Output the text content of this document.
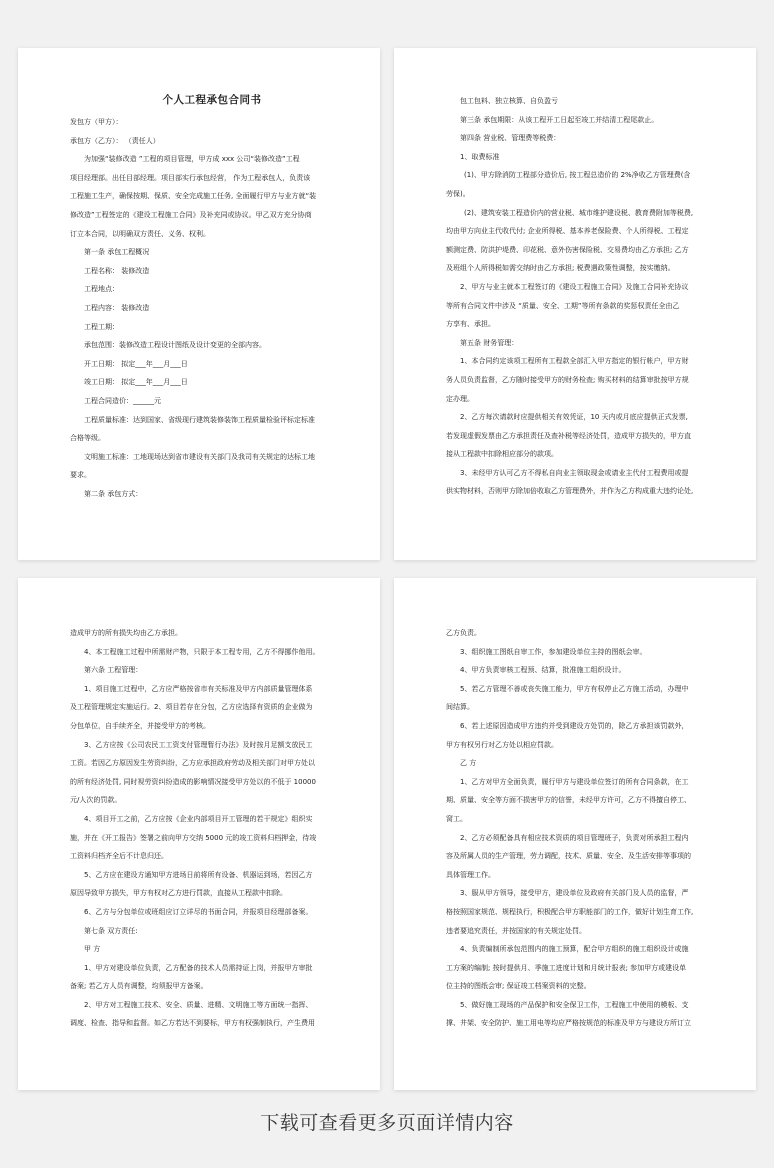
个人工程承包合同书
发包方（甲方）：
承包方（乙方）： （责任人）
为加强“装修改造 ”工程的项目管理，甲方成 xxx 公司“装修改造”工程
项目经理部。出任目部经理。项目部实行承包经营， 作为工程承包人，负责该
工程施工生产，确保按期、保质、安全完成施工任务, 全面履行甲方与业方就“装
修改造”工程签定的《建设工程施工合同》及补充同或协议。甲乙双方充分协商
订立本合同，以明确双方责任、义务、权利。
第一条 承包工程概况
工程名称： 装修改造
工程地点：
工程内容： 装修改造
工程工期：
承包范围：装修改造工程设计图纸及设计变更的全部内容。
开工日期： 拟定___年___月___日
竣工日期： 拟定___年___月___日
工程合同造价：______元
工程质量标准：达到国家、省级现行建筑装修装饰工程质量检验评标定标准
合格等级。
文明施工标准：工地现场达到省市建设有关部门及我司有关规定的达标工地
要求。
第二条 承包方式：
包工包料、独立核算、自负盈亏
第三条 承包期限：从该工程开工日起至竣工并结清工程尾款止。
第四条 营业税、管理费等税费：
1、取费标准
(1)、甲方除消防工程部分造价后, 按工程总造价的 2%净收乙方管理费(含
劳保)。
(2)、建筑安装工程造价内的营业税、城市维护建设税、教育费附加等税费,
均由甲方向业主代收代付; 企业所得税、基本养老保险费、个人所得税、工程定
额测定费、防洪护堤费、印花税、意外伤害保险税、交易费均由乙方承担; 乙方
及班组个人所得税如需交纳时由乙方承担; 税费遇政策性调整，按实缴纳。
2、甲方与业主就本工程签订的《建设工程施工合同》及施工合同补充协议
等所有合同文件中涉及 “质量、安全、工期”等所有条款的奖惩权责任全由乙
方享有、承担。
第五条 财务管理：
1、本合同约定该项工程所有工程款全部汇入甲方指定的银行帐户，甲方财
务人员负责监督，乙方随时接受甲方的财务检查; 购买材料的结算审批按甲方规
定办理。
2、乙方每次请款时应提供相关有效凭证，10 天内或月底应提供正式发票,
若发现虚假发票由乙方承担责任及查补税等经济处罚，造成甲方损失的，甲方直
接从工程款中扣除相应部分的款项。
3、未经甲方认可乙方不得私自向业主领取现金或请业主代付工程费用或提
供实物材料，否则甲方除加倍收取乙方管理费外，并作为乙方构成重大违约论处,
造成甲方的所有损失均由乙方承担。
4、本工程施工过程中所需财产物，只限于本工程专用，乙方不得挪作他用。
第六条 工程管理：
1、项目施工过程中，乙方应严格按省市有关标准及甲方内部质量管理体系
及工程管理规定实施运行。2、项目若存在分包，乙方应选择有资质的企业做为
分包单位，自手续齐全，并接受甲方的考核。
3、乙方应按《公司农民工工资支付管理暂行办法》及时按月足额支放民工
工资。若因乙方原因发生劳资纠纷，乙方应承担政府劳动及相关部门对甲方处以
的所有经济处罚, 同时视劳资纠纷造成的影响情况接受甲方处以的不低于 10000
元/人次的罚款。
4、项目开工之前，乙方应按《企业内部项目开工管理的若干规定》组织实
施，并在《开工报告》签署之前向甲方交纳 5000 元的竣工资料归档押金，待竣
工资料归档齐全后不计息归还。
5、乙方应在建设方通知甲方进场日前将所有设备、机器运到场，若因乙方
原因导致甲方损失，甲方有权对乙方进行罚款，直接从工程款中扣除。
6、乙方与分包单位或班组应订立详尽的书面合同，并报项目经理部备案。
第七条 双方责任:
甲 方
1、甲方对建设单位负责，乙方配备的技术人员需持证上岗，并报甲方审批
备案; 若乙方人员有调整，均须报甲方备案。
2、甲方对工程施工技术、安全、质量、进精、文明施工等方面统一指挥、
调度、检查、指导和监督。如乙方若达不到要标，甲方有权强制执行，产生费用
乙方负责。
3、组织施工图纸自审工作，参加建设单位主持的图纸会审。
4、甲方负责审核工程预、结算，批准施工组织设计。
5、若乙方管理不善或丧失施工能力，甲方有权停止乙方施工活动，办理中
间结算。
6、若上述原因造成甲方违约并受到建设方处罚的，除乙方承担该罚款外，
甲方有权另行对乙方处以相应罚款。
乙 方
1、乙方对甲方全面负责，履行甲方与建设单位签订的所有合同条款，在工
期、质量、安全等方面不损害甲方的信誉，未经甲方许可，乙方不得擅自停工、
窝工。
2、乙方必须配备具有相应技术资质的项目管理班子，负责对所承担工程内
容及所属人员的生产管理，劳力调配，技术、质量、安全、及生活安排等事项的
具体管理工作。
3、服从甲方领导，接受甲方，建设单位及政府有关部门及人员的监督，严
格按照国家规范、规程执行，积极配合甲方职能部门的工作，做好计划生育工作,
违者要追究责任，并按国家的有关规定处罚。
4、负责编制所承包范围内的施工预算，配合甲方组织的施工组织设计或施
工方案的编制; 按时提供月、季施工进度计划和月统计报表; 参加甲方或建设单
位主持的图纸会审; 保证竣工档案资料的完整。
5、做好施工现场的产品保护和安全保卫工作，工程施工中使用的模板、支
撑、井架、安全防护、施工用电等均应严格按规范的标准及甲方与建设方所订立
下载可查看更多页面详情内容
